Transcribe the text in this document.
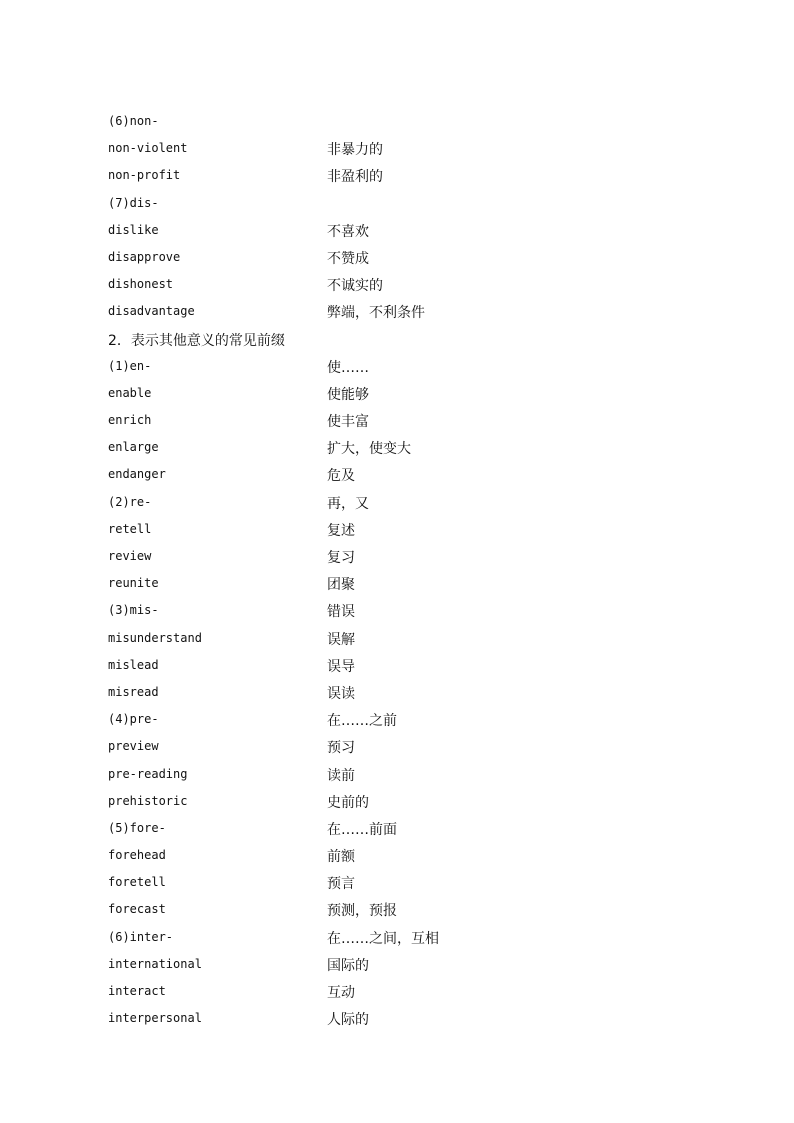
(6)non-
non-violent	非暴力的
non-profit	非盈利的
(7)dis-
dislike	不喜欢
disapprove	不赞成
dishonest	不诚实的
disadvantage	弊端，不利条件
2．表示其他意义的常见前缀
(1)en-	使……
enable	使能够
enrich	使丰富
enlarge	扩大，使变大
endanger	危及
(2)re-	再，又
retell	复述
review	复习
reunite	团聚
(3)mis-	错误
misunderstand	误解
mislead	误导
misread	误读
(4)pre-	在……之前
preview	预习
pre-reading	读前
prehistoric	史前的
(5)fore-	在……前面
forehead	前额
foretell	预言
forecast	预测，预报
(6)inter-	在……之间，互相
international	国际的
interact	互动
interpersonal	人际的
